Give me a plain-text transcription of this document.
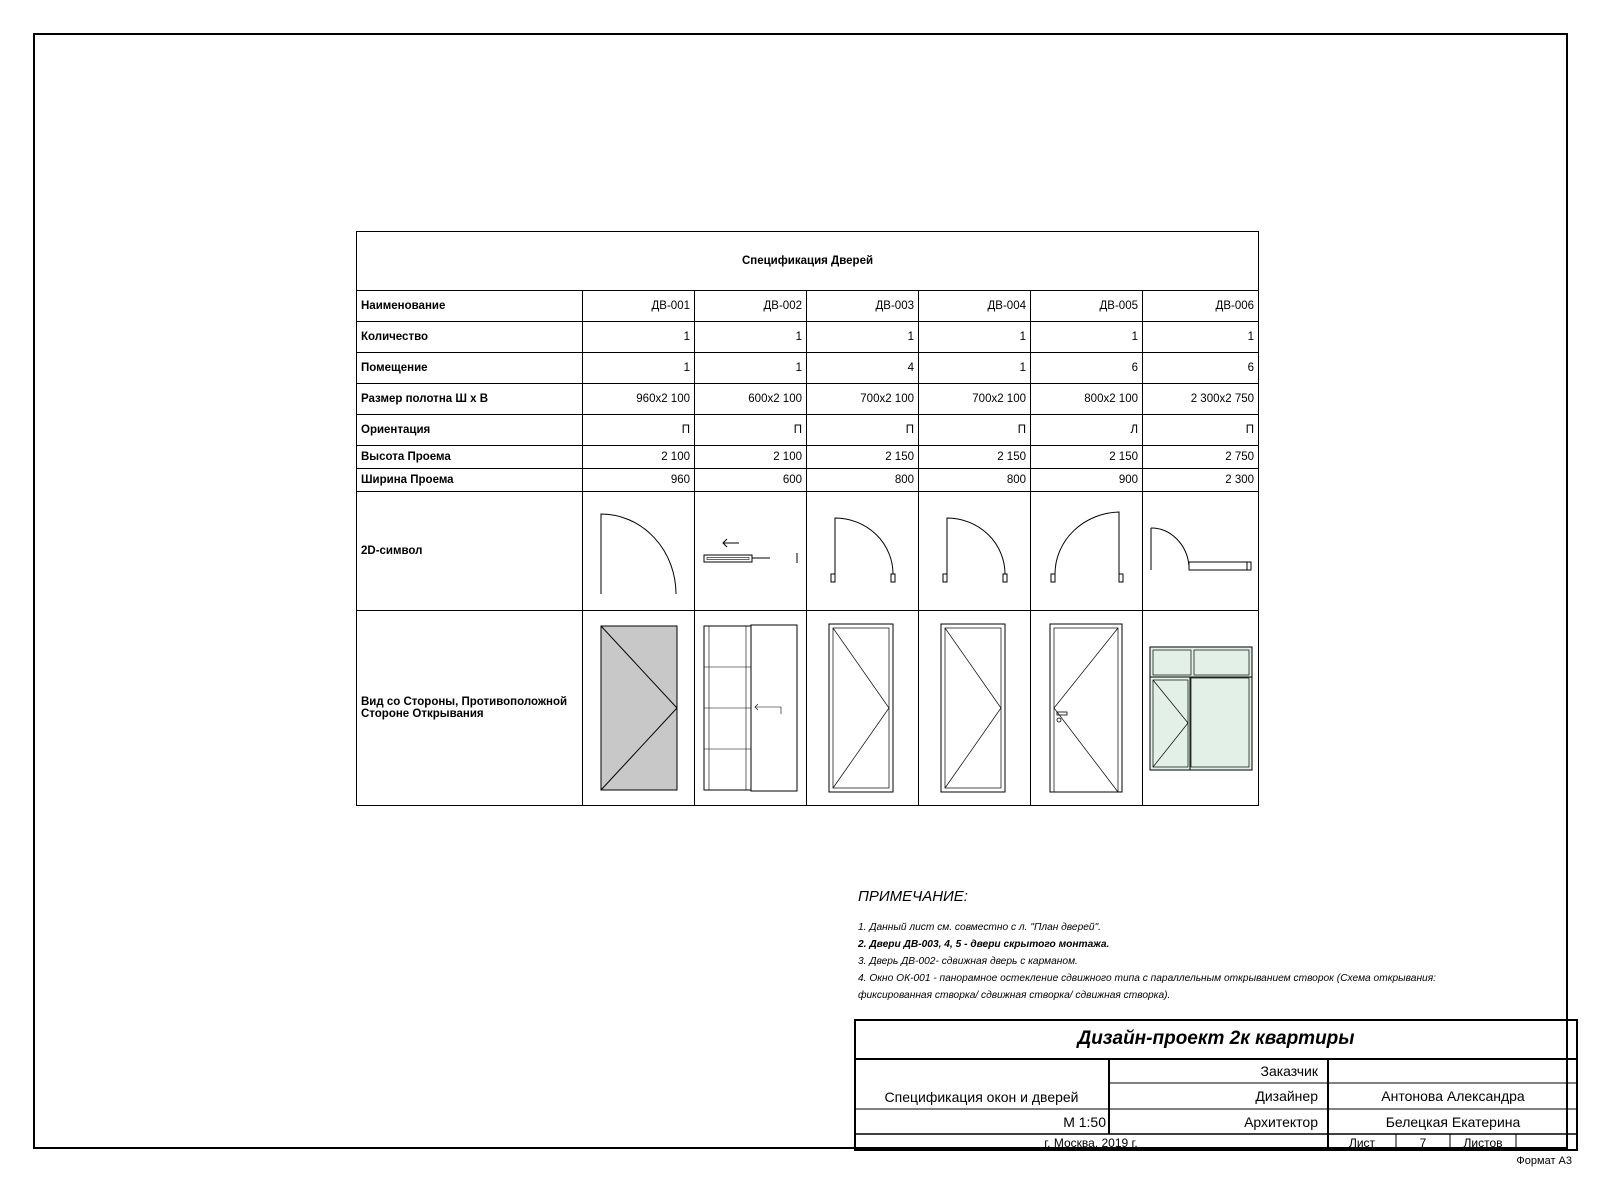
Спецификация Дверей						
Наименование	ДВ-001	ДВ-002	ДВ-003	ДВ-004	ДВ-005	ДВ-006
Количество	1	1	1	1	1	1
Помещение	1	1	4	1	6	6
Размер полотна Ш х В	960х2 100	600х2 100	700х2 100	700х2 100	800х2 100	2 300х2 750
Ориентация	П	П	П	П	Л	П
Высота Проема	2 100	2 100	2 150	2 150	2 150	2 750
Ширина Проема	960	600	800	800	900	2 300
2D-символ	

Вид со Стороны, Противоположной Стороне Открывания	

ПРИМЕЧАНИЕ:
1. Данный лист см. совместно с л. "План дверей".
2. Двери ДВ-003, 4, 5 - двери скрытого монтажа.
3. Дверь ДВ-002- сдвижная дверь с карманом.
4. Окно ОК-001 - панорамное остекление сдвижного типа с параллельным открыванием створок (Схема открывания:
фиксированная створка/ сдвижная створка/ сдвижная створка).
Дизайн-проект 2к квартиры
Спецификация окон и дверей
М 1:50
Заказчик
Дизайнер	Антонова Александра
Архитектор	Белецкая Екатерина
г. Москва, 2019 г.	Лист	7	Листов
Формат А3
